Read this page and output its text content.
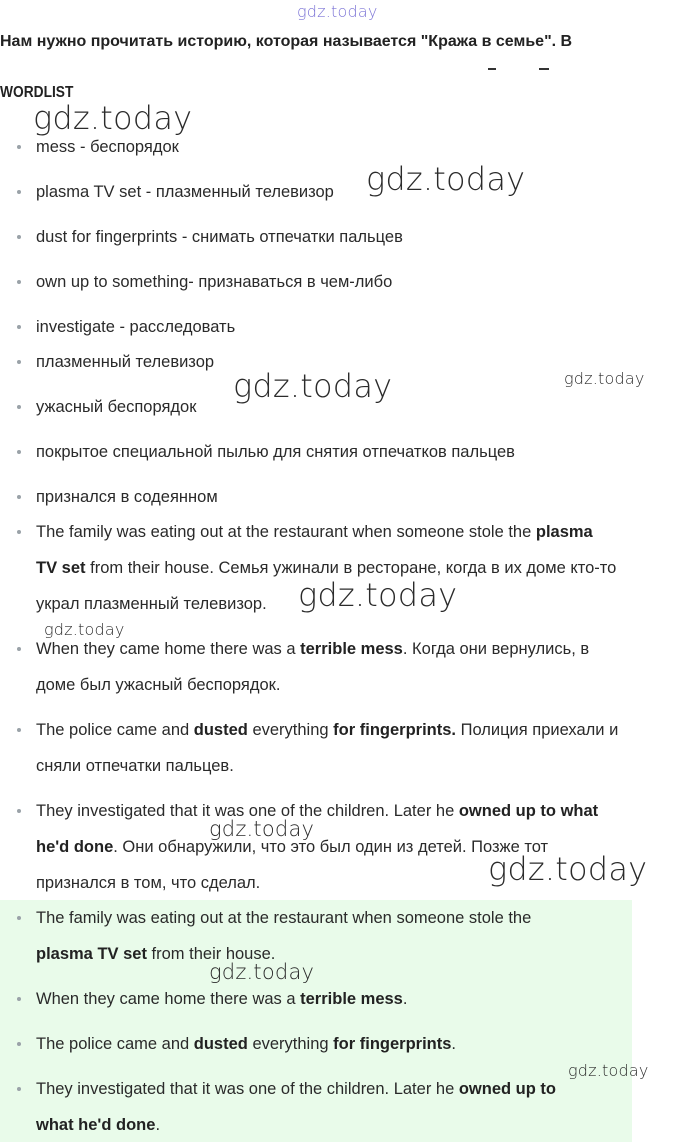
gdz.today
Нам нужно прочитать историю, которая называется "Кража в семье". В
WORDLIST
mess - беспорядок
plasma TV set - плазменный телевизор
dust for fingerprints - снимать отпечатки пальцев
own up to something- признаваться в чем-либо
investigate - расследовать
плазменный телевизор
ужасный беспорядок
покрытое специальной пылью для снятия отпечатков пальцев
признался в содеянном
The family was eating out at the restaurant when someone stole the plasma
TV set from their house. Семья ужинали в ресторане, когда в их доме кто-то
украл плазменный телевизор.
When they came home there was a terrible mess. Когда они вернулись, в
доме был ужасный беспорядок.
The police came and dusted everything for fingerprints. Полиция приехали и
сняли отпечатки пальцев.
They investigated that it was one of the children. Later he owned up to what
he'd done. Они обнаружили, что это был один из детей. Позже тот
признался в том, что сделал.
The family was eating out at the restaurant when someone stole the
plasma TV set from their house.
When they came home there was a terrible mess.
The police came and dusted everything for fingerprints.
They investigated that it was one of the children. Later he owned up to
what he'd done.
gdz.today
gdz.today
gdz.today	gdz.today
gdz.today
gdz.today
gdz.today
gdz.today
gdz.today
gdz.today
